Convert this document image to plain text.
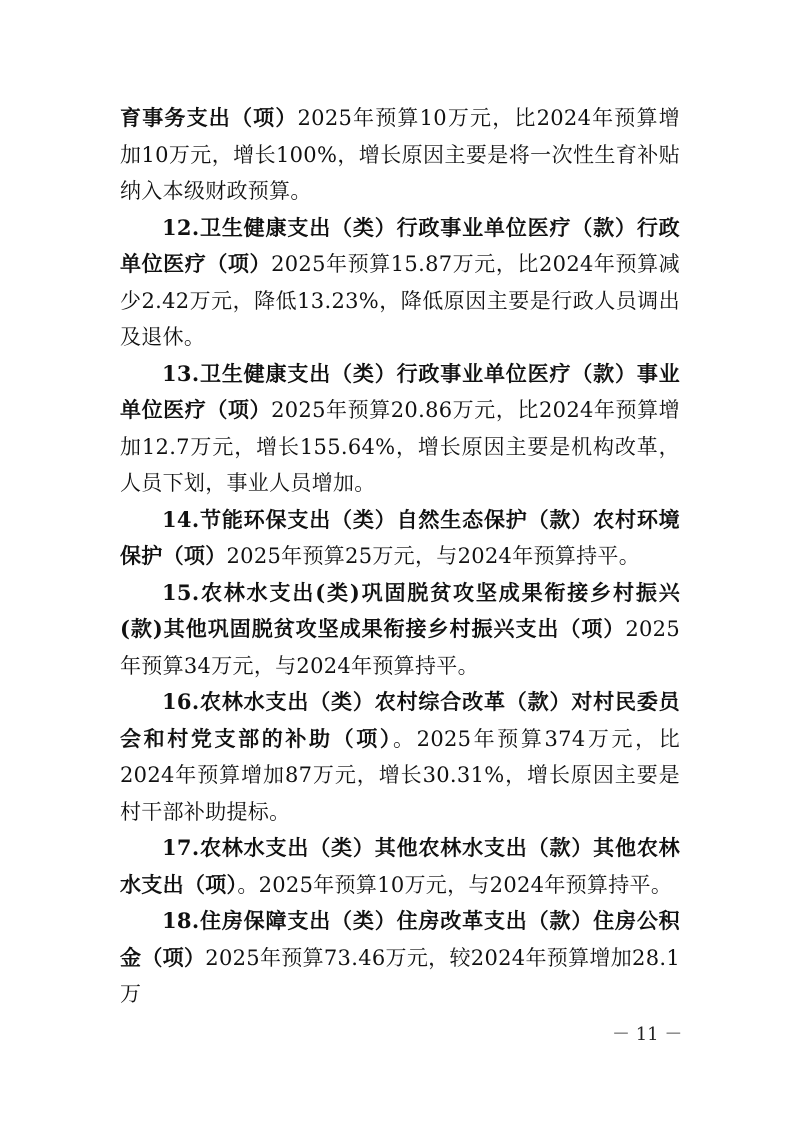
育事务支出（项）2025年预算10万元，比2024年预算增加10万元，增长100%，增长原因主要是将一次性生育补贴纳入本级财政预算。

12.卫生健康支出（类）行政事业单位医疗（款）行政单位医疗（项）2025年预算15.87万元，比2024年预算减少2.42万元，降低13.23%，降低原因主要是行政人员调出及退休。

13.卫生健康支出（类）行政事业单位医疗（款）事业单位医疗（项）2025年预算20.86万元，比2024年预算增加12.7万元，增长155.64%，增长原因主要是机构改革，人员下划，事业人员增加。

14.节能环保支出（类）自然生态保护（款）农村环境保护（项）2025年预算25万元，与2024年预算持平。

15.农林水支出(类)巩固脱贫攻坚成果衔接乡村振兴(款)其他巩固脱贫攻坚成果衔接乡村振兴支出（项）2025年预算34万元，与2024年预算持平。

16.农林水支出（类）农村综合改革（款）对村民委员会和村党支部的补助（项）。2025年预算374万元，比2024年预算增加87万元，增长30.31%，增长原因主要是村干部补助提标。

17.农林水支出（类）其他农林水支出（款）其他农林水支出（项）。2025年预算10万元，与2024年预算持平。

18.住房保障支出（类）住房改革支出（款）住房公积金（项）2025年预算73.46万元，较2024年预算增加28.1万

－ 11 －
